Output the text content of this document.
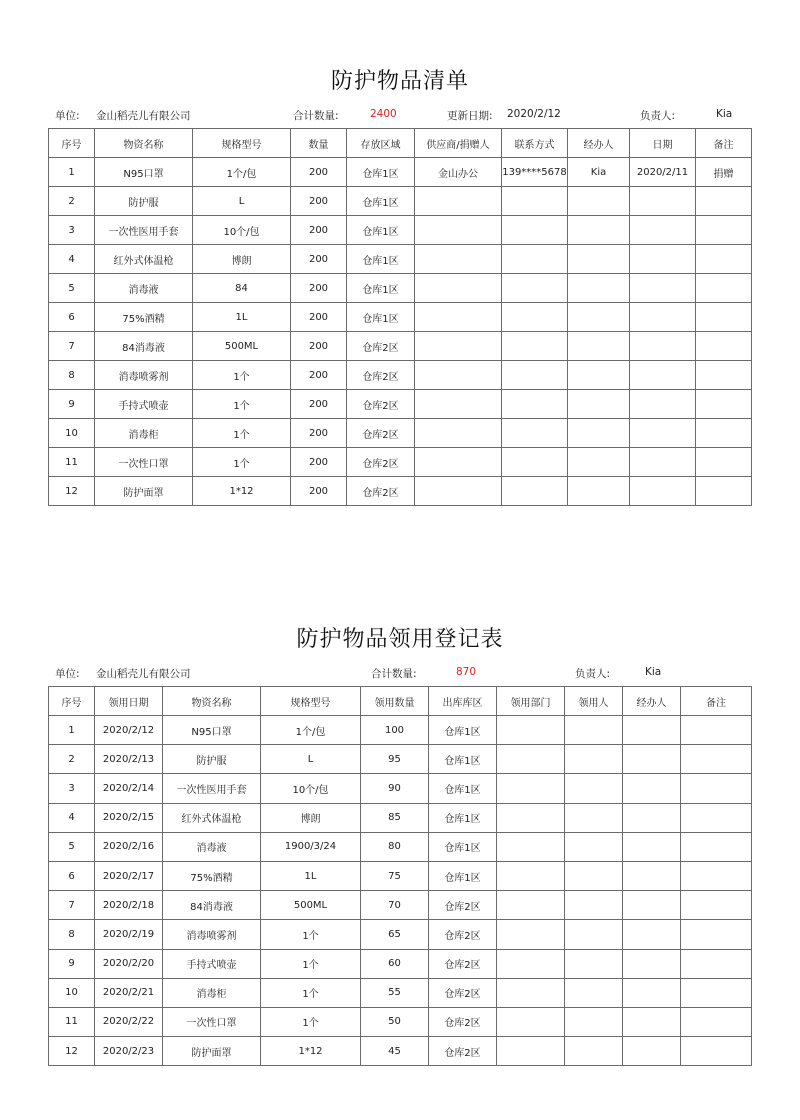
防护物品清单
单位: 金山稻壳儿有限公司	合计数量:	2400	更新日期: 2020/2/12	负责人:	Kia
序号	物资名称	规格型号	数量	存放区域	供应商/捐赠人	联系方式	经办人	日期	备注
1	N95口罩	1个/包	200	仓库1区	金山办公	139****5678	Kia	2020/2/11	捐赠
2	防护服	L	200	仓库1区					
3	一次性医用手套	10个/包	200	仓库1区					
4	红外式体温枪	博朗	200	仓库1区					
5	消毒液	84	200	仓库1区					
6	75%酒精	1L	200	仓库1区					
7	84消毒液	500ML	200	仓库2区					
8	消毒喷雾剂	1个	200	仓库2区					
9	手持式喷壶	1个	200	仓库2区					
10	消毒柜	1个	200	仓库2区					
11	一次性口罩	1个	200	仓库2区					
12	防护面罩	1*12	200	仓库2区					
防护物品领用登记表
单位: 金山稻壳儿有限公司	合计数量:	870	负责人:	Kia
序号	领用日期	物资名称	规格型号	领用数量	出库库区	领用部门	领用人	经办人	备注
1	2020/2/12	N95口罩	1个/包	100	仓库1区				
2	2020/2/13	防护服	L	95	仓库1区				
3	2020/2/14	一次性医用手套	10个/包	90	仓库1区				
4	2020/2/15	红外式体温枪	博朗	85	仓库1区				
5	2020/2/16	消毒液	1900/3/24	80	仓库1区				
6	2020/2/17	75%酒精	1L	75	仓库1区				
7	2020/2/18	84消毒液	500ML	70	仓库2区				
8	2020/2/19	消毒喷雾剂	1个	65	仓库2区				
9	2020/2/20	手持式喷壶	1个	60	仓库2区				
10	2020/2/21	消毒柜	1个	55	仓库2区				
11	2020/2/22	一次性口罩	1个	50	仓库2区				
12	2020/2/23	防护面罩	1*12	45	仓库2区				
